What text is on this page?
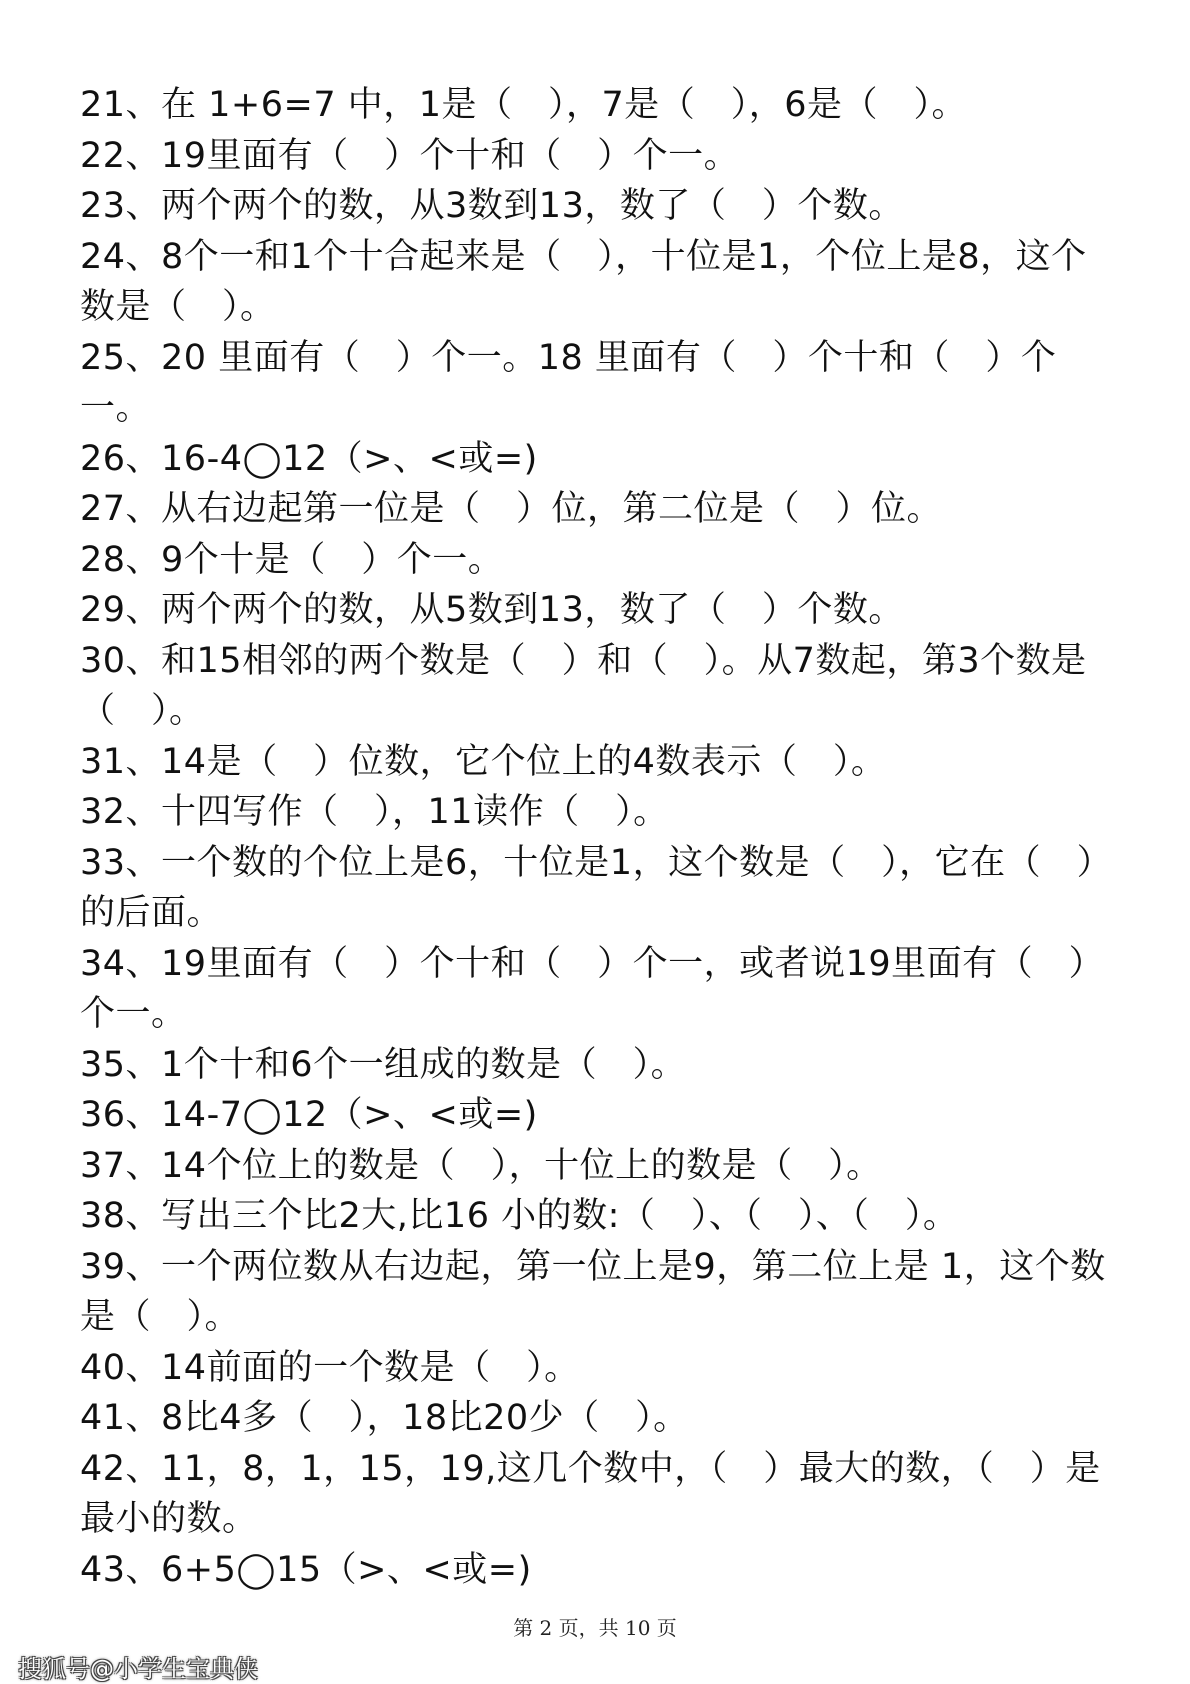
21、在 1+6=7 中，1是（　），7是（　），6是（　）。

22、19里面有（　）个十和（　）个一。

23、两个两个的数，从3数到13，数了（　）个数。

24、8个一和1个十合起来是（　），十位是1，个位上是8，这个数是（　）。

25、20 里面有（　）个一。18 里面有（　）个十和（　）个一。

26、16-4◯12（>、<或=)

27、从右边起第一位是（　）位，第二位是（　）位。

28、9个十是（　）个一。

29、两个两个的数，从5数到13，数了（　）个数。

30、和15相邻的两个数是（　）和（　）。从7数起，第3个数是（　）。

31、14是（　）位数，它个位上的4数表示（　）。

32、十四写作（　），11读作（　）。

33、一个数的个位上是6，十位是1，这个数是（　），它在（　）的后面。

34、19里面有（　）个十和（　）个一，或者说19里面有（　）个一。

35、1个十和6个一组成的数是（　）。

36、14-7◯12（>、<或=)

37、14个位上的数是（　），十位上的数是（　）。

38、写出三个比2大,比16 小的数:（　）、（　）、（　）。

39、一个两位数从右边起，第一位上是9，第二位上是 1，这个数是（　）。

40、14前面的一个数是（　）。

41、8比4多（　），18比20少（　）。

42、11，8，1，15，19,这几个数中，（　）最大的数，（　）是最小的数。

43、6+5◯15（>、<或=)

第 2 页，共 10 页
搜狐号@小学生宝典侠
